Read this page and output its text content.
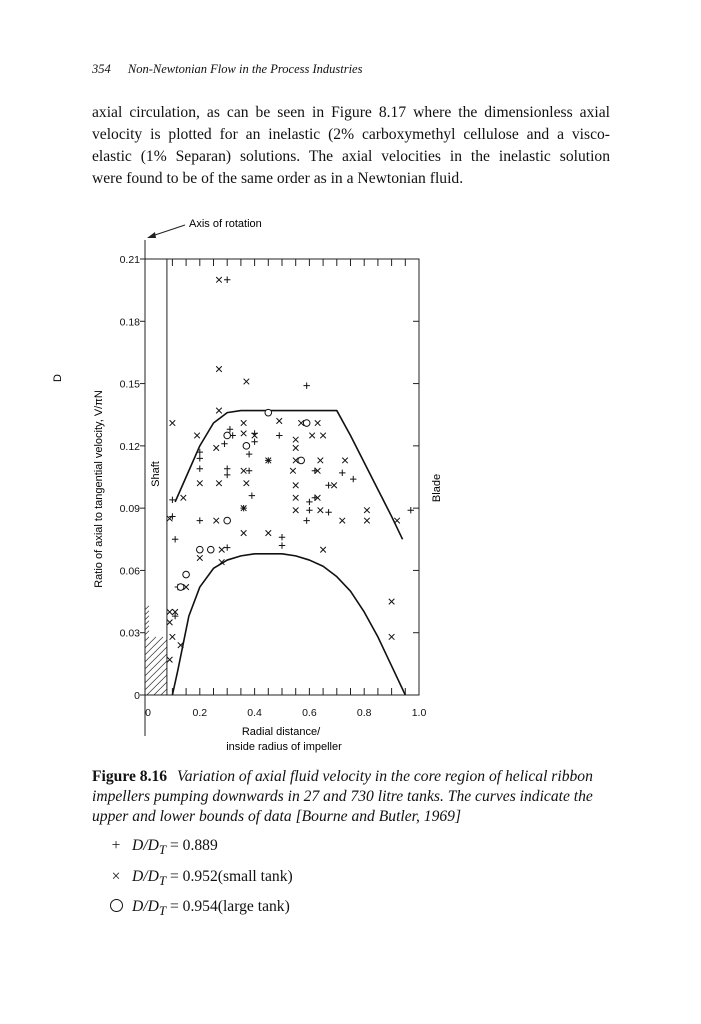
354 Non-Newtonian Flow in the Process Industries
axial circulation, as can be seen in Figure 8.17 where the dimensionless axial
velocity is plotted for an inelastic (2% carboxymethyl cellulose and a visco-
elastic (1% Separan) solutions. The axial velocities in the inelastic solution
were found to be of the same order as in a Newtonian fluid.
D
0
0.03
0.06
0.09
0.12
0.15
0.18
0.21
0	0.2	0.4	0.6	0.8	1.0
Axis of rotation
Shaft	Blade
Ratio of axial to tangential velocity, V/πN
Radial distance/
inside radius of impeller
Figure 8.16 Variation of axial fluid velocity in the core region of helical ribbon impellers pumping downwards in 27 and 730 litre tanks. The curves indicate the upper and lower bounds of data [Bourne and Butler, 1969]
+ $D/D_T = 0.889$
× $D/D_T$ = 0.952(small tank)
$D/D_T$ = 0.954(large tank)
